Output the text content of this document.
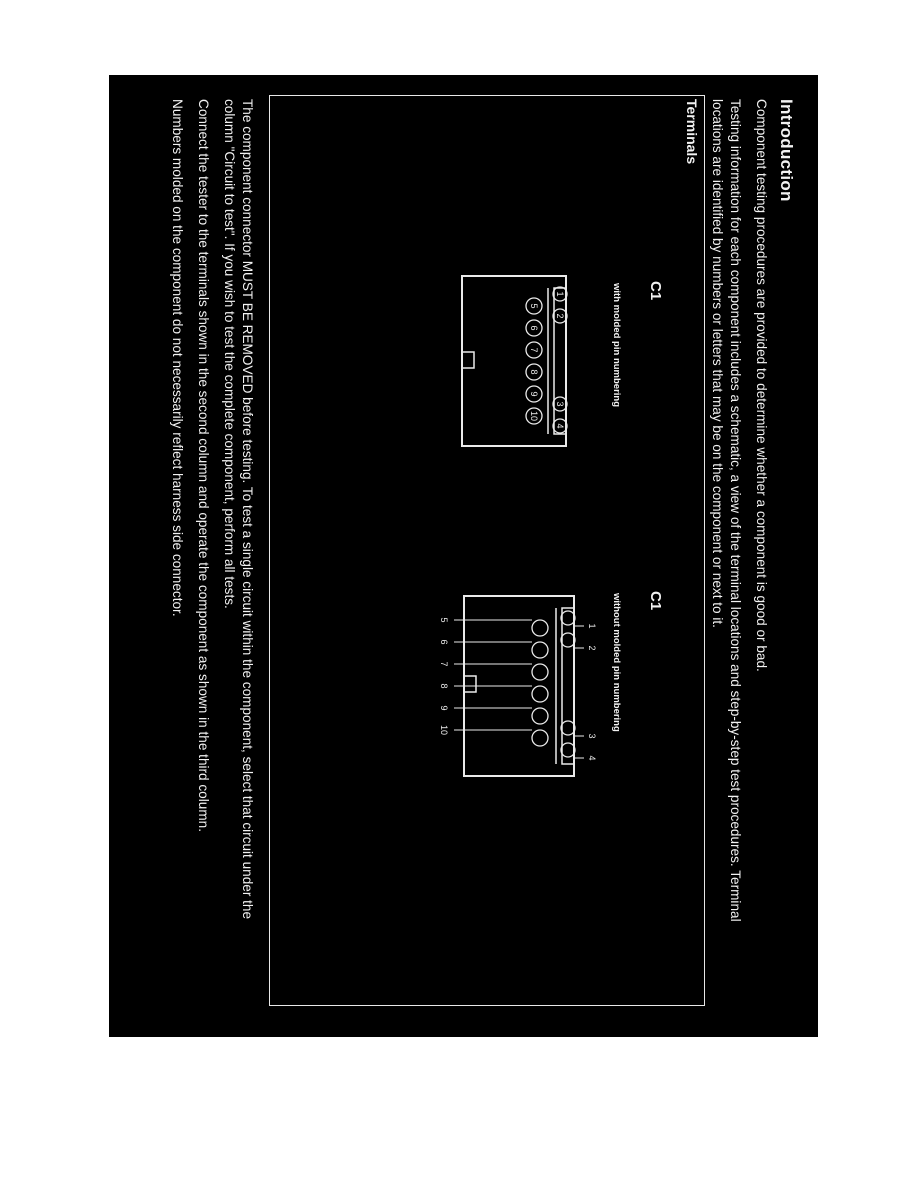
Introduction
Component testing procedures are provided to determine whether a component is good or bad.
Testing information for each component includes a schematic, a view of the terminal locations and step-by-step test procedures. Terminal
locations are identified by numbers or letters that may be on the component or next to it.
Terminals
C1
with molded pin numbering
1
2
3
4
5
6
7
8
9
10
C1
without molded pin numbering
1
2
3
4
5
6
7
8
9
10
The component connector MUST BE REMOVED before testing. To test a single circuit within the component, select that circuit under the
column "Circuit to test". If you wish to test the complete component, perform all tests.
Connect the tester to the terminals shown in the second column and operate the component as shown in the third column.
Numbers molded on the component do not necessarily reflect harness side connector.
